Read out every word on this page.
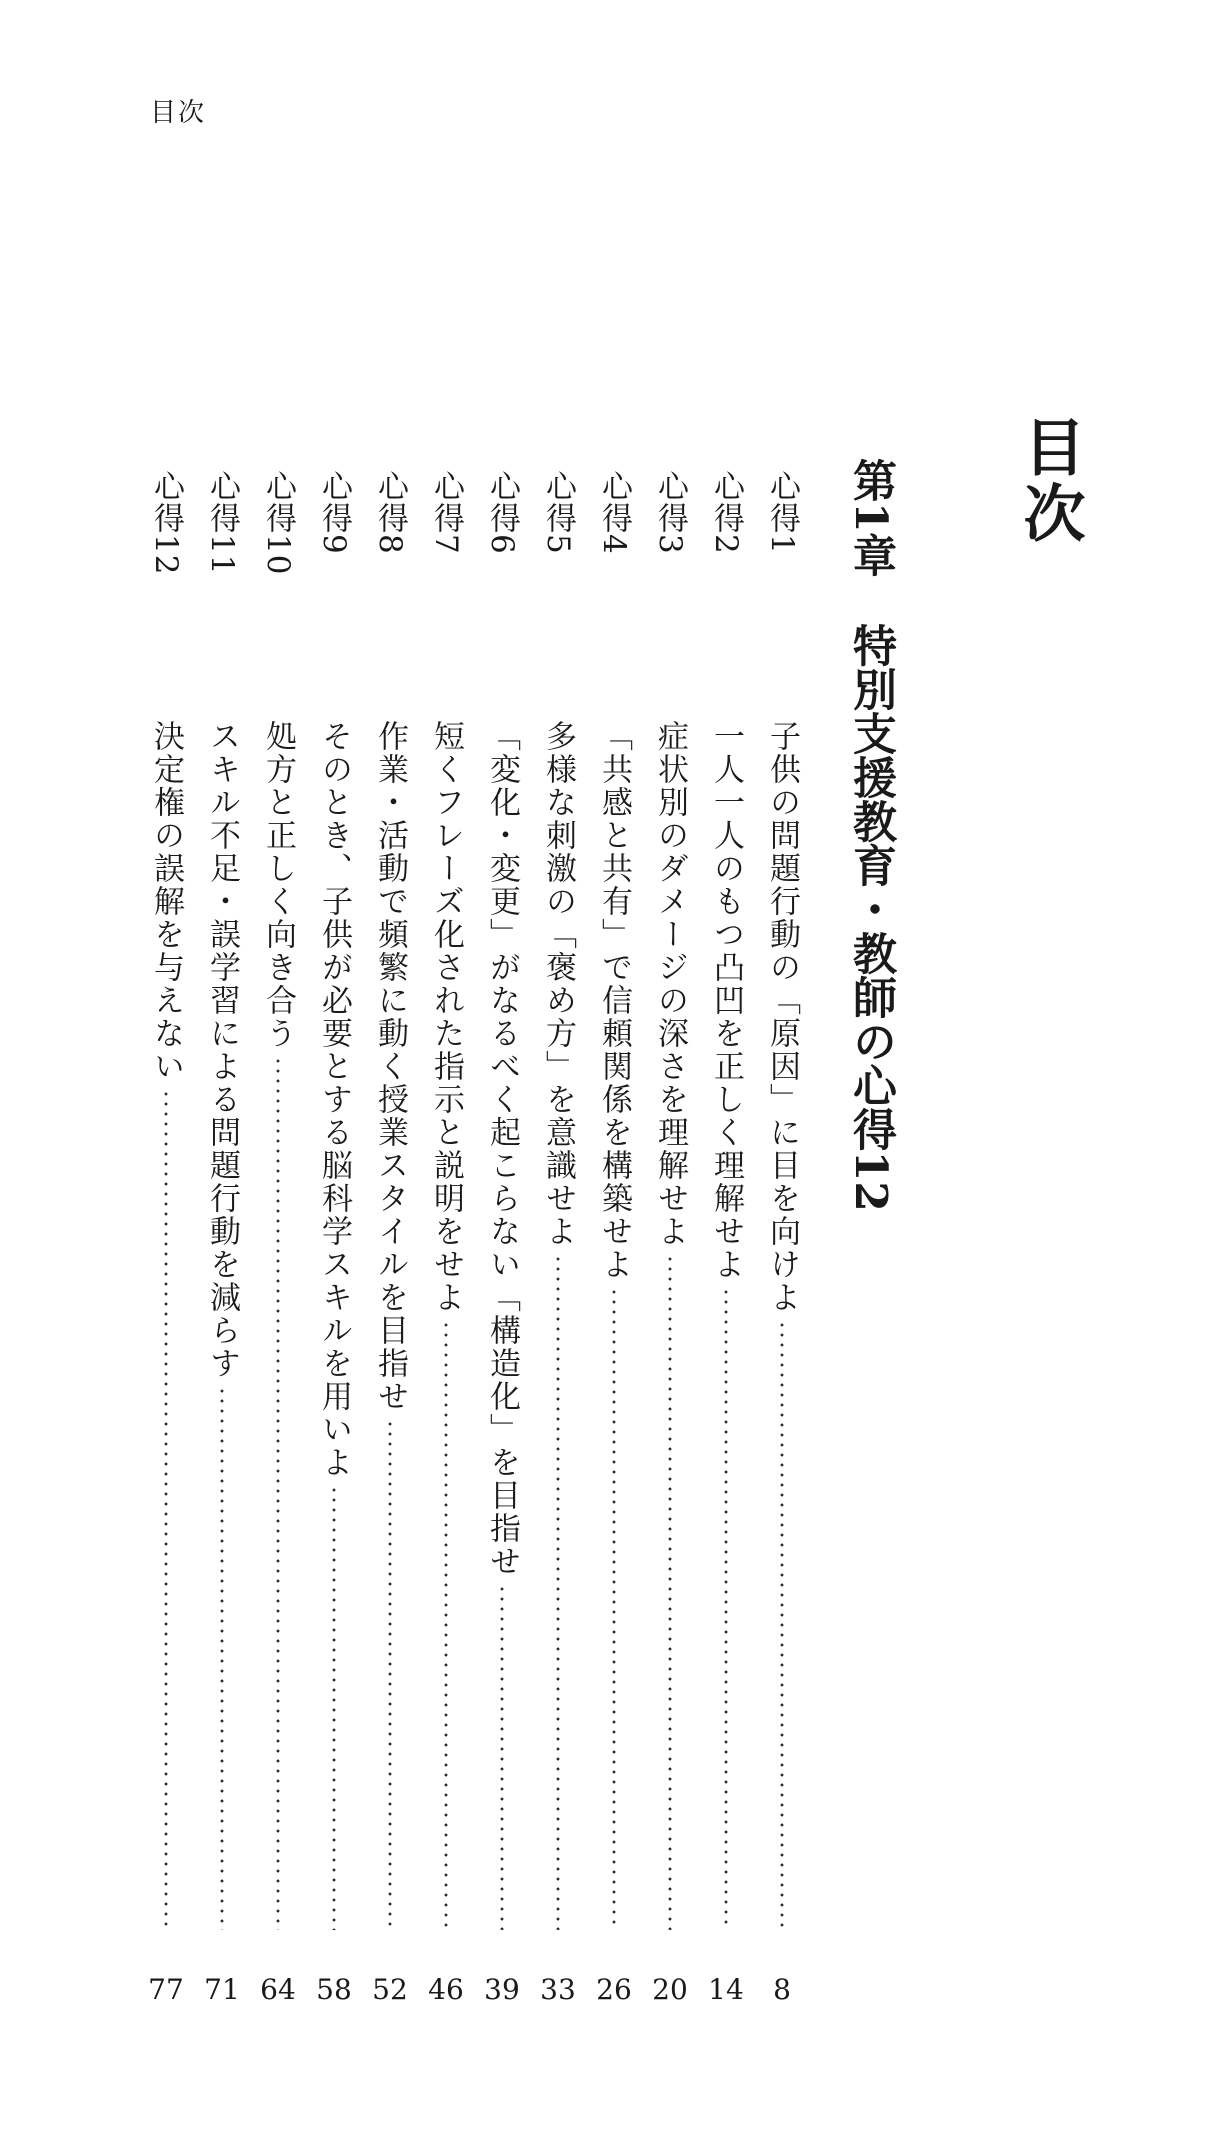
目次
目次
第1章特別支援教育・教師の心得12
心得1
子供の問題行動の「原因」に目を向けよ
8
心得2
一人一人のもつ凸凹を正しく理解せよ
14
心得3
症状別のダメージの深さを理解せよ
20
心得4
「共感と共有」で信頼関係を構築せよ
26
心得5
多様な刺激の「褒め方」を意識せよ
33
心得6
「変化・変更」がなるべく起こらない「構造化」を目指せ
39
心得7
短くフレーズ化された指示と説明をせよ
46
心得8
作業・活動で頻繁に動く授業スタイルを目指せ
52
心得9
そのとき、子供が必要とする脳科学スキルを用いよ
58
心得10
処方と正しく向き合う
64
心得11
スキル不足・誤学習による問題行動を減らす
71
心得12
決定権の誤解を与えない
77
